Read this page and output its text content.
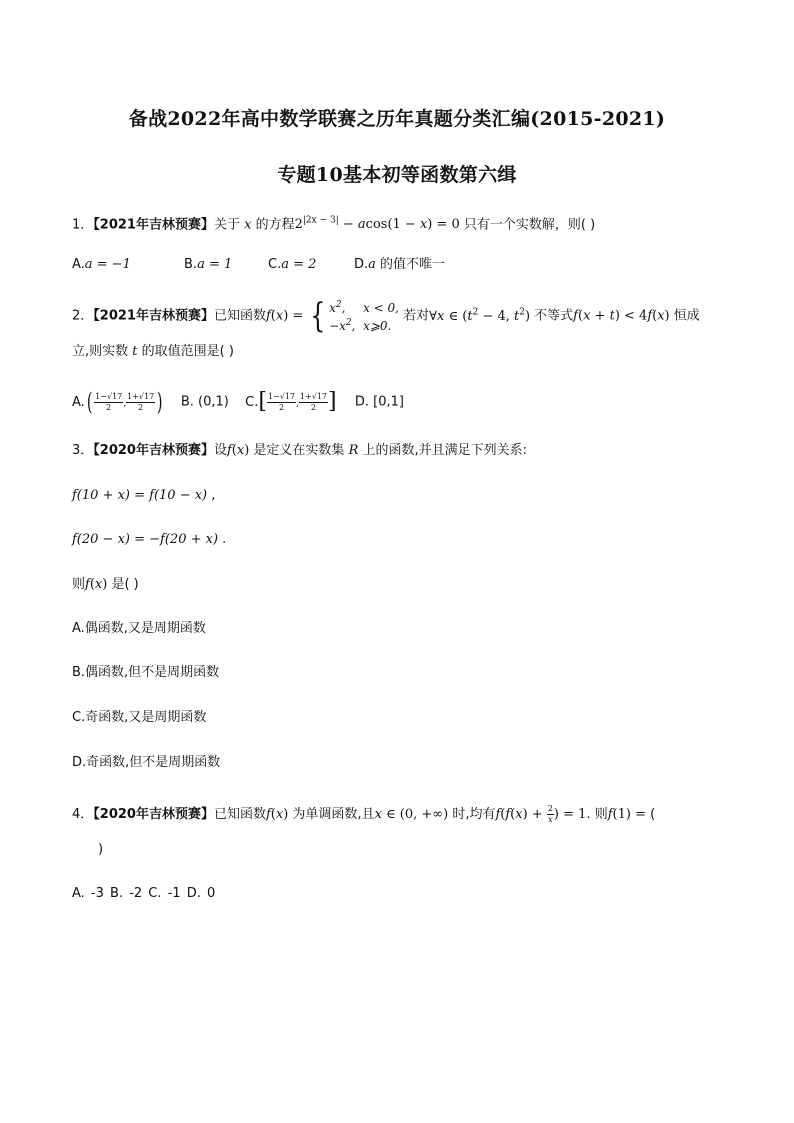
备战2022年高中数学联赛之历年真题分类汇编(2015-2021)
专题10基本初等函数第六缉
1．【2021年吉林预赛】关于 x 的方程$2^{|2x - 3|} - acos(1 - x) = 0$ 只有一个实数解，则( )
A.a = −1	B.a = 1	C.a = 2	D.a 的值不唯一
2．【2021年吉林预赛】已知函数f(x) = { $x^2$, x < 0,
$-x^2$, x⩾0.
若对∀x ∈ ($t^2 - 4$, $t^2$) 不等式f(x + t) < 4f(x) 恒成
立,则实数 t 的取值范围是( )
$A.( \frac{1-√17}{2}$ , $\frac{1+√17}{2}$ ) B. (0,1) $C.[ \frac{1-√17}{2}$ , $\frac{1+√17}{2}$ ] D. [0,1]
3．【2020年吉林预赛】设f(x) 是定义在实数集 R 上的函数,并且满足下列关系:
f(10 + x) = f(10 − x) ,
f(20 − x) = −f(20 + x) .
则f(x) 是( )
A.偶函数,又是周期函数
B.偶函数,但不是周期函数
C.奇函数,又是周期函数
D.奇函数,但不是周期函数
4．【2020年吉林预赛】已知函数f(x) 为单调函数,且x ∈ (0, +∞) 时,均有$f(f(x) + \frac{2}{x}$ ) = 1. 则f(1) = (
)
A. -3 B. -2 C. -1 D. 0
